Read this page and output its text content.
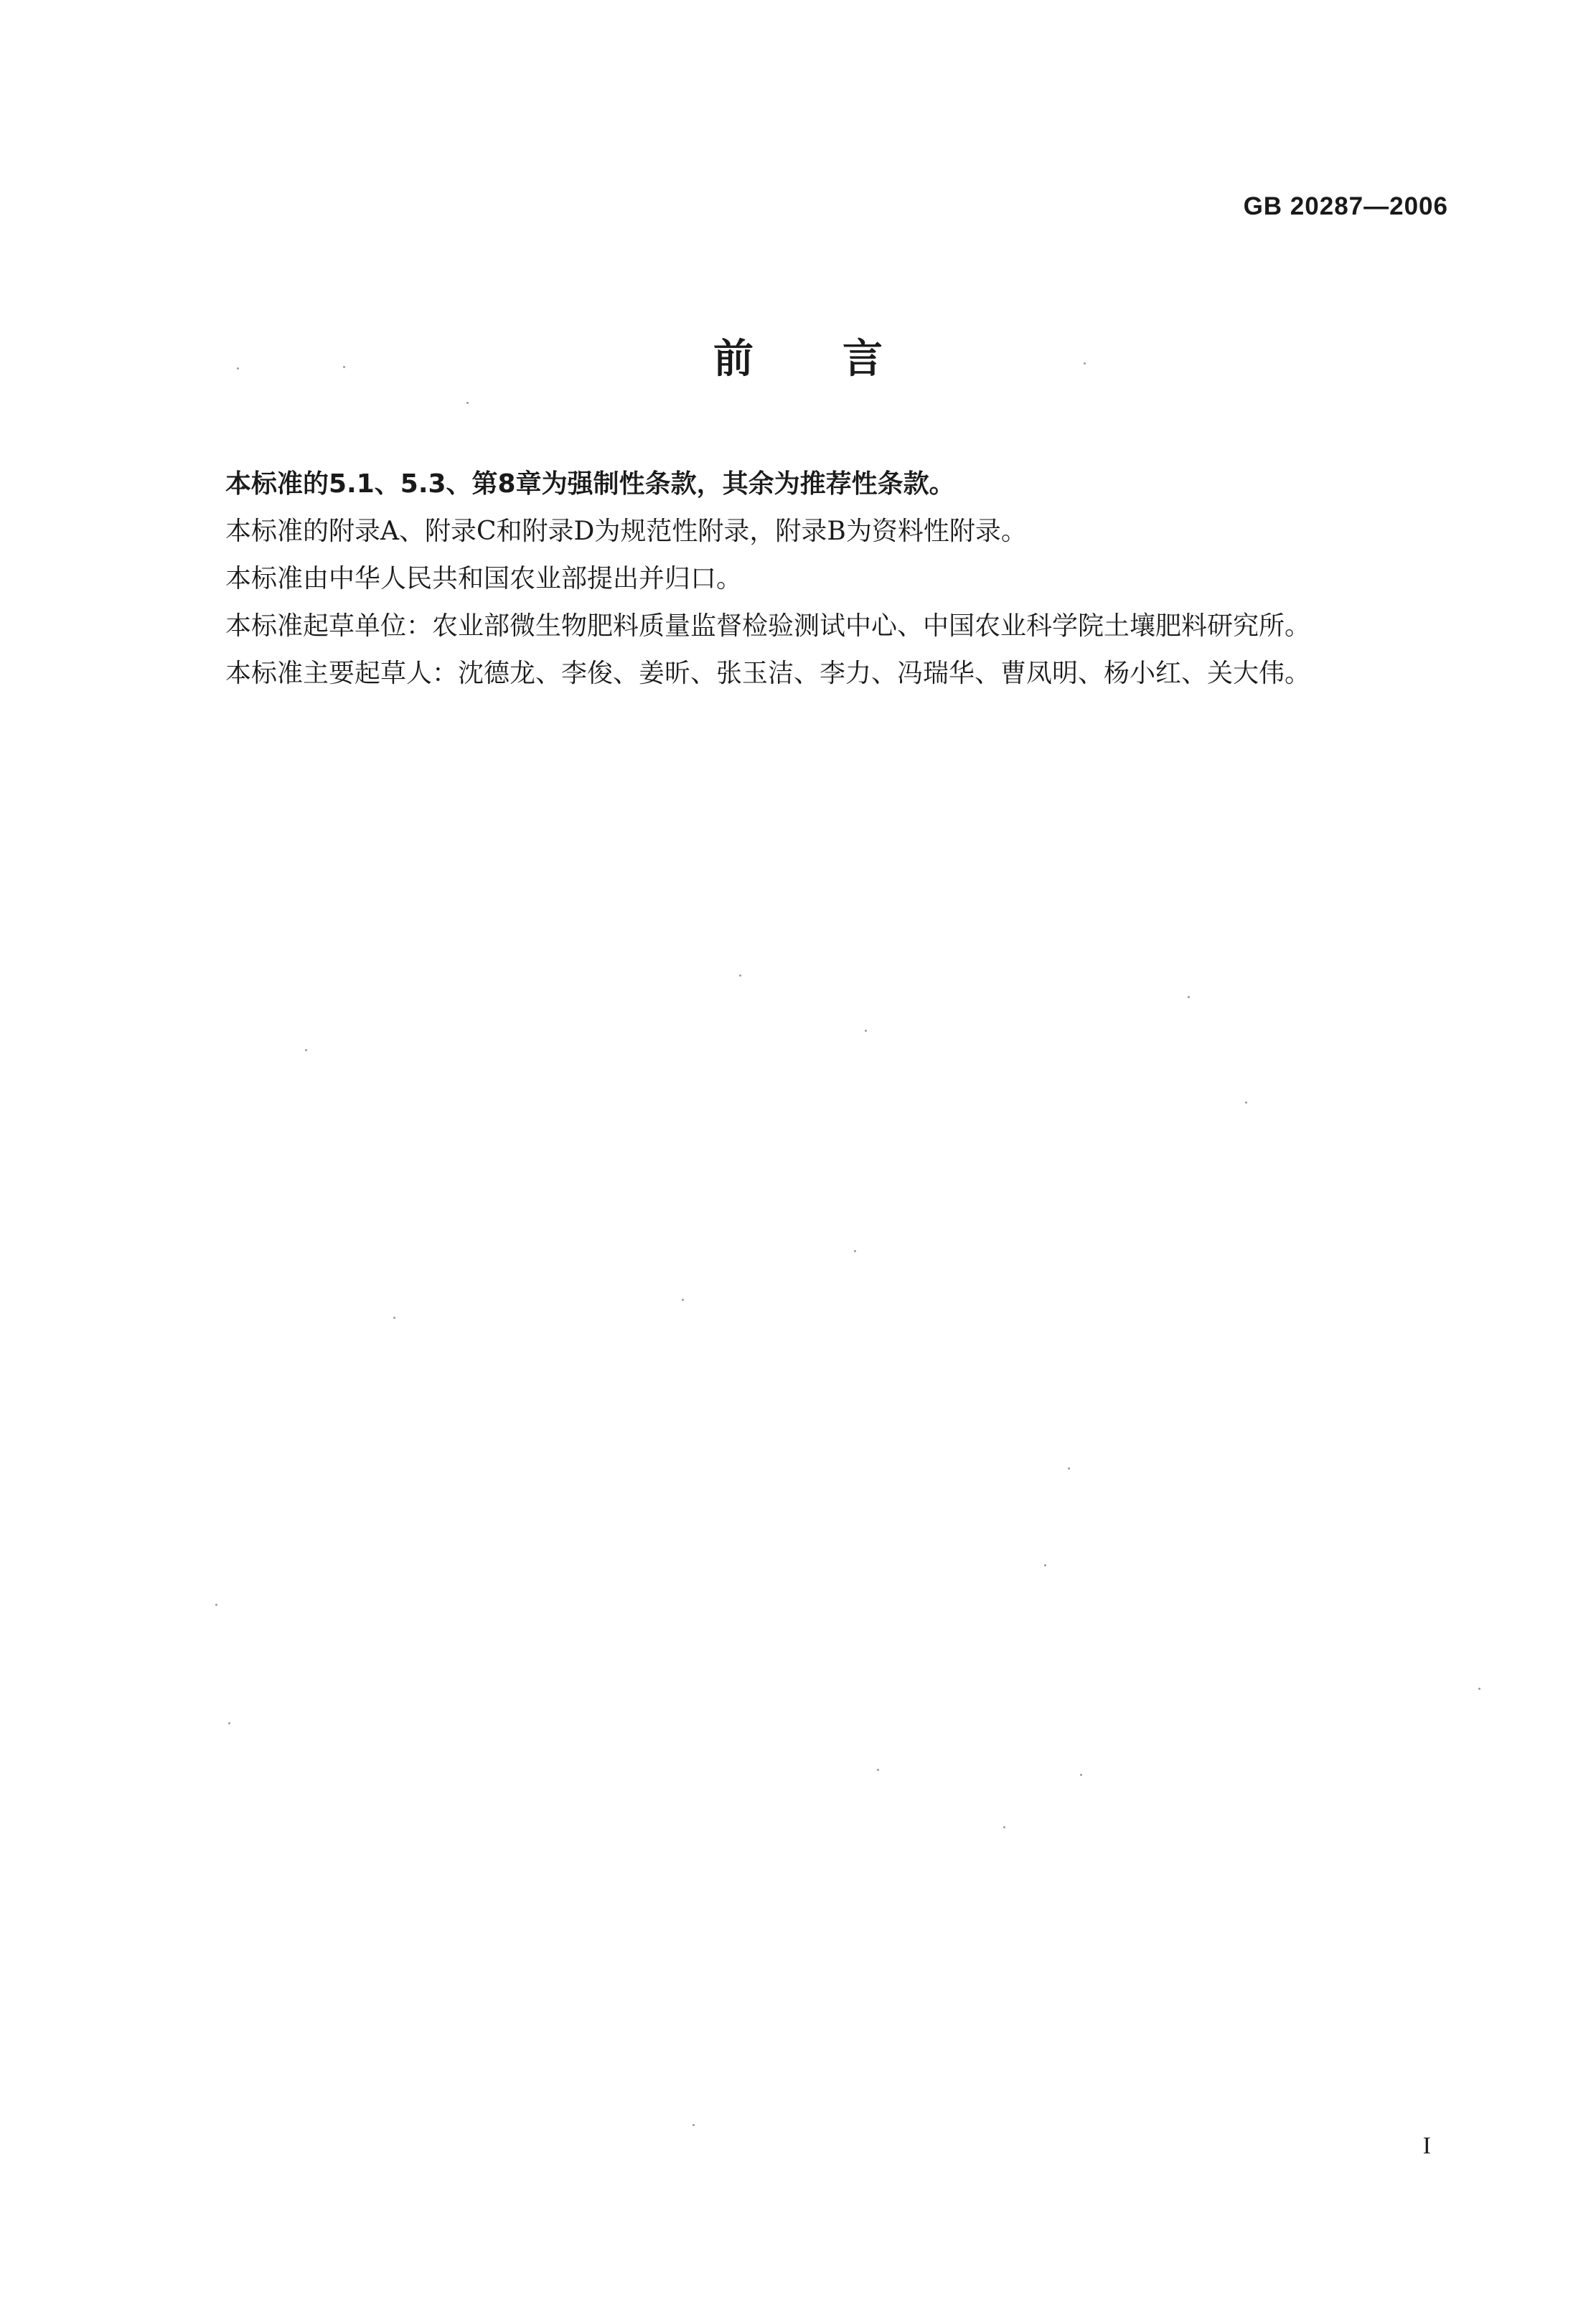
GB 20287—2006
前言

本标准的5.1、5.3、第8章为强制性条款，其余为推荐性条款。

本标准的附录A、附录C和附录D为规范性附录，附录B为资料性附录。

本标准由中华人民共和国农业部提出并归口。

本标准起草单位：农业部微生物肥料质量监督检验测试中心、中国农业科学院土壤肥料研究所。

本标准主要起草人：沈德龙、李俊、姜昕、张玉洁、李力、冯瑞华、曹凤明、杨小红、关大伟。

I
